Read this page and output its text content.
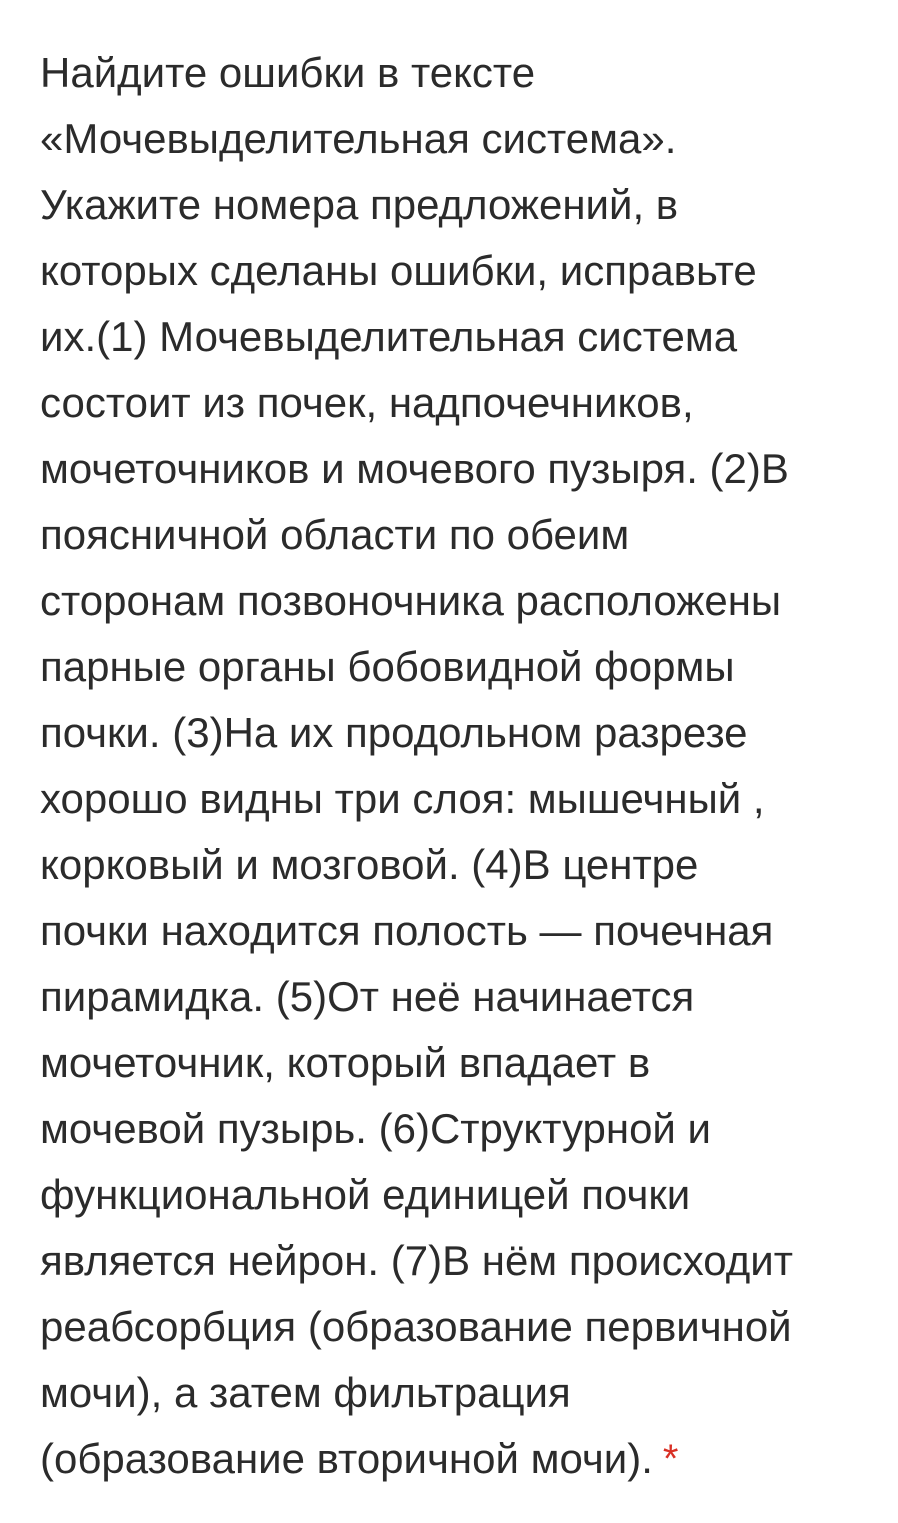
Найдите ошибки в тексте
«Мочевыделительная система».
Укажите номера предложений, в
которых сделаны ошибки, исправьте
их.(1) Мочевыделительная система
состоит из почек, надпочечников,
мочеточников и мочевого пузыря. (2)В
поясничной области по обеим
сторонам позвоночника расположены
парные органы бобовидной формы
почки. (3)На их продольном разрезе
хорошо видны три слоя: мышечный ,
корковый и мозговой. (4)В центре
почки находится полость — почечная
пирамидка. (5)От неё начинается
мочеточник, который впадает в
мочевой пузырь. (6)Структурной и
функциональной единицей почки
является нейрон. (7)В нём происходит
реабсорбция (образование первичной
мочи), а затем фильтрация
(образование вторичной мочи). *
